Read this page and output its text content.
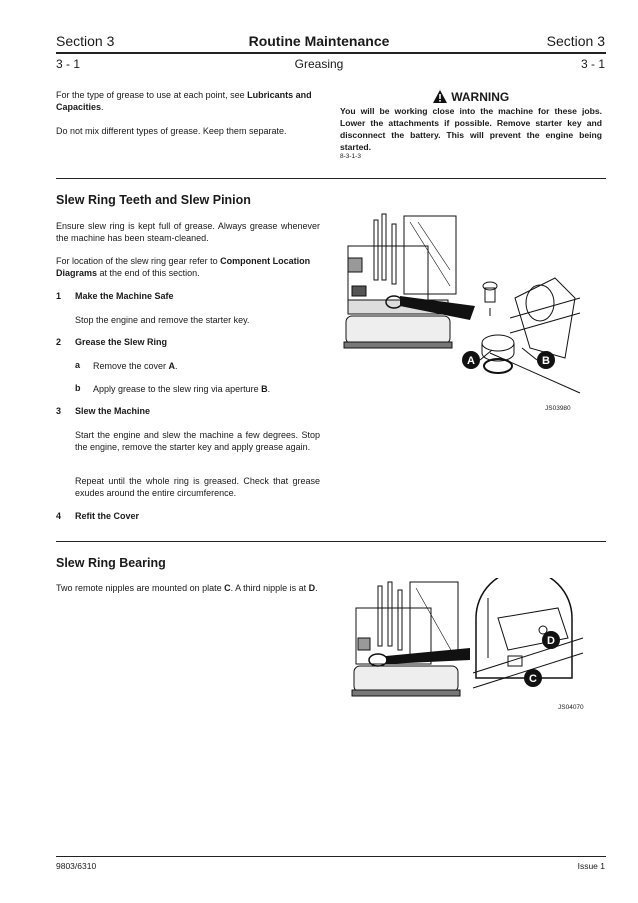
Section 3	Routine Maintenance	Section 3
3 - 1	Greasing	3 - 1
For the type of grease to use at each point, see Lubricants and Capacities.
Do not mix different types of grease. Keep them separate.
WARNING
You will be working close into the machine for these jobs. Lower the attachments if possible. Remove starter key and disconnect the battery. This will prevent the engine being started.
8-3-1-3
Slew Ring Teeth and Slew Pinion
Ensure slew ring is kept full of grease. Always grease whenever the machine has been steam-cleaned.
For location of the slew ring gear refer to Component Location Diagrams at the end of this section.
1 Make the Machine Safe
Stop the engine and remove the starter key.
2 Grease the Slew Ring
a Remove the cover A.
b Apply grease to the slew ring via aperture B.
3 Slew the Machine
Start the engine and slew the machine a few degrees. Stop the engine, remove the starter key and apply grease again.
Repeat until the whole ring is greased. Check that grease exudes around the entire circumference.
4 Refit the Cover
A	B
JS03980
Slew Ring Bearing
Two remote nipples are mounted on plate C. A third nipple is at D.
D
C
JS04070
9803/6310	Issue 1
